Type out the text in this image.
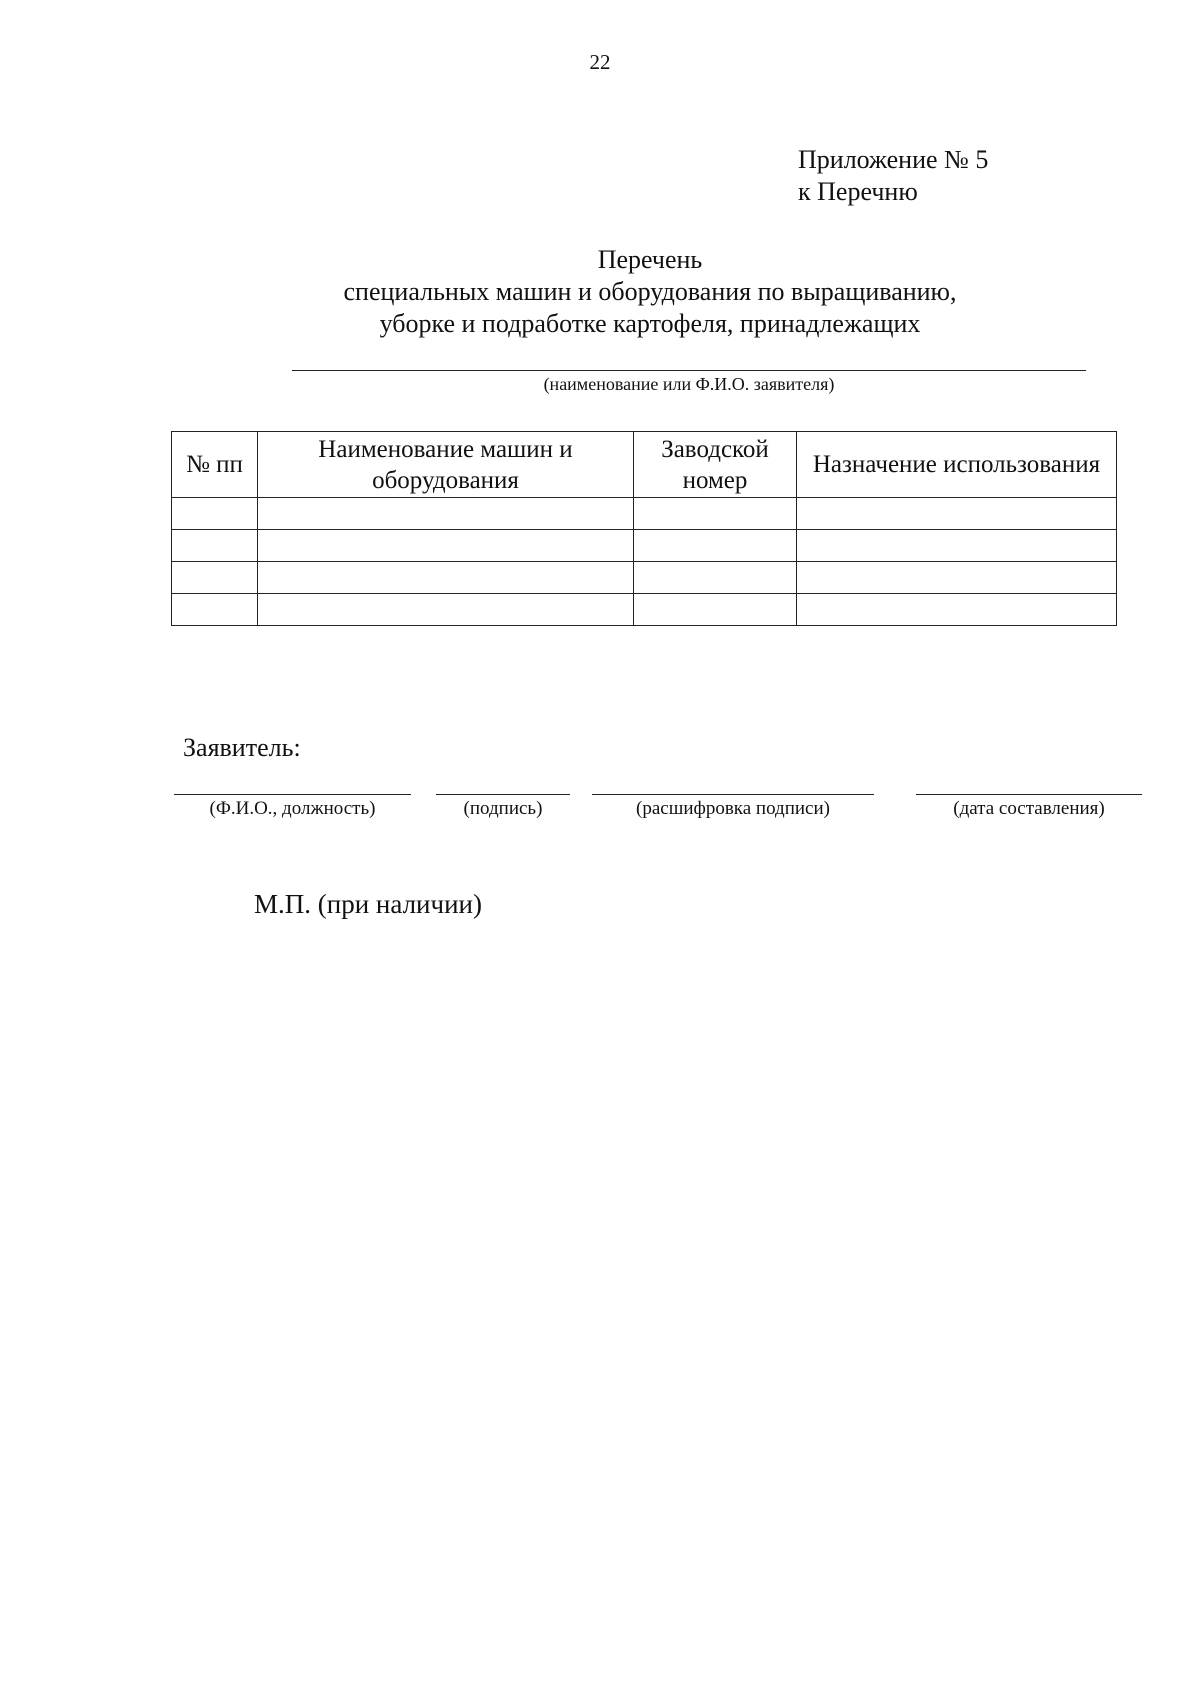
22
Приложение № 5
к Перечню
Перечень
специальных машин и оборудования по выращиванию,
уборке и подработке картофеля, принадлежащих
(наименование или Ф.И.О. заявителя)
№ пп	Наименование машин и оборудования	Заводской номер	Назначение использования

Заявитель:
(Ф.И.О., должность)	(подпись)	(расшифровка подписи)	(дата составления)
М.П. (при наличии)
